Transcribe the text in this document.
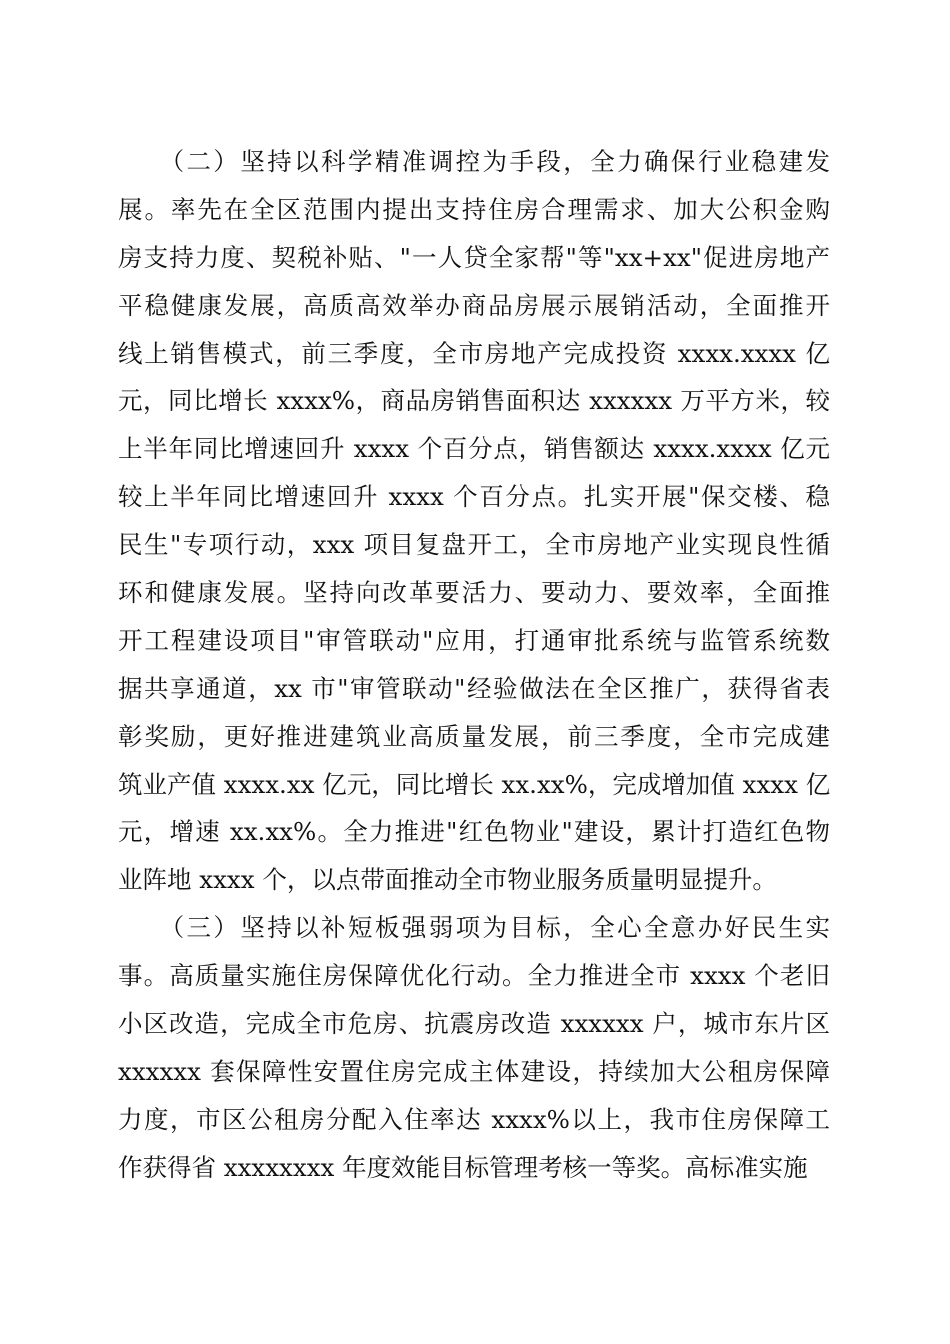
　　（二）坚持以科学精准调控为手段，全力确保行业稳建发
展。率先在全区范围内提出支持住房合理需求、加大公积金购
房支持力度、契税补贴、"一人贷全家帮"等"xx+xx"促进房地产
平稳健康发展，高质高效举办商品房展示展销活动，全面推开
线上销售模式，前三季度，全市房地产完成投资 xxxx.xxxx 亿
元，同比增长 xxxx%，商品房销售面积达 xxxxxx 万平方米，较
上半年同比增速回升 xxxx 个百分点，销售额达 xxxx.xxxx 亿元
较上半年同比增速回升 xxxx 个百分点。扎实开展"保交楼、稳
民生"专项行动，xxx 项目复盘开工，全市房地产业实现良性循
环和健康发展。坚持向改革要活力、要动力、要效率，全面推
开工程建设项目"审管联动"应用，打通审批系统与监管系统数
据共享通道，xx 市"审管联动"经验做法在全区推广，获得省表
彰奖励，更好推进建筑业高质量发展，前三季度，全市完成建
筑业产值 xxxx.xx 亿元，同比增长 xx.xx%，完成增加值 xxxx 亿
元，增速 xx.xx%。全力推进"红色物业"建设，累计打造红色物
业阵地 xxxx 个，以点带面推动全市物业服务质量明显提升。
　　（三）坚持以补短板强弱项为目标，全心全意办好民生实
事。高质量实施住房保障优化行动。全力推进全市 xxxx 个老旧
小区改造，完成全市危房、抗震房改造 xxxxxx 户，城市东片区
xxxxxx 套保障性安置住房完成主体建设，持续加大公租房保障
力度，市区公租房分配入住率达 xxxx%以上，我市住房保障工
作获得省 xxxxxxxx 年度效能目标管理考核一等奖。高标准实施
